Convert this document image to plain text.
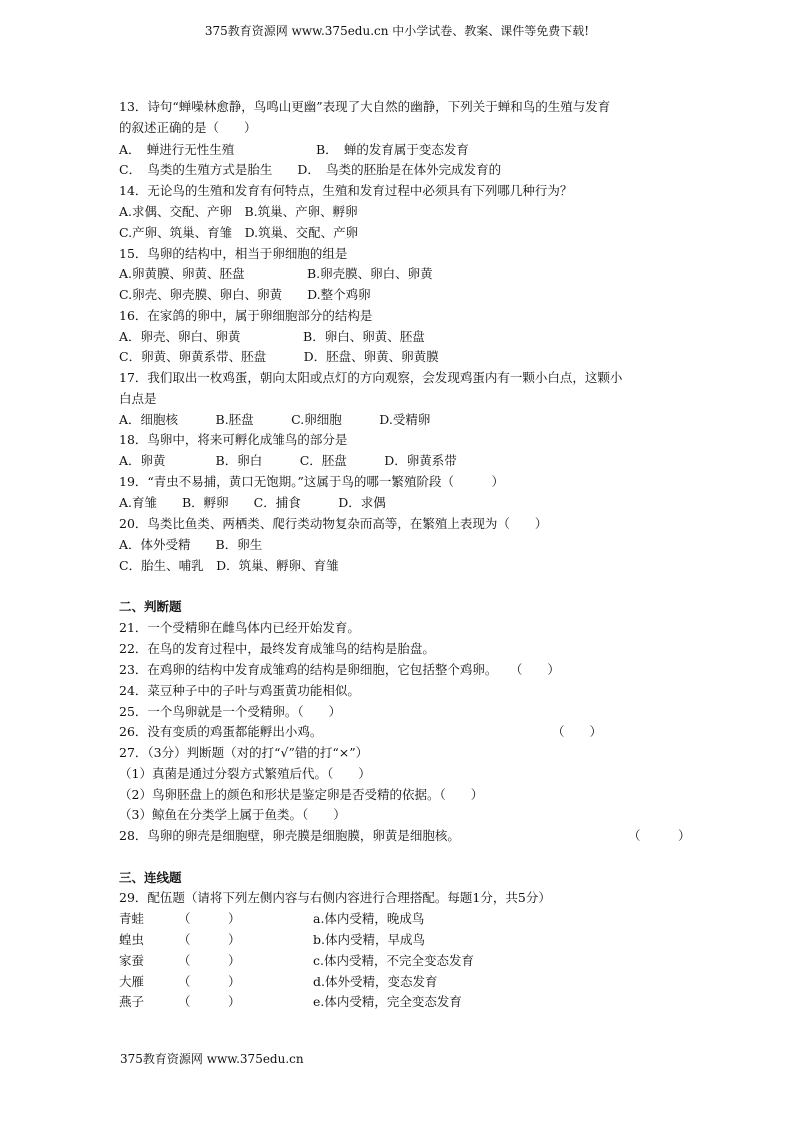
375教育资源网 www.375edu.cn 中小学试卷、教案、课件等免费下载!
13．诗句“蝉噪林愈静，鸟鸣山更幽”表现了大自然的幽静，下列关于蝉和鸟的生殖与发育
的叙述正确的是（　　）
A．　蝉进行无性生殖	B．　蝉的发育属于变态发育
C．　鸟类的生殖方式是胎生　　D．　鸟类的胚胎是在体外完成发育的
14．无论鸟的生殖和发育有何特点，生殖和发育过程中必须具有下列哪几种行为？
A.求偶、交配、产卵　B.筑巢、产卵、孵卵
C.产卵、筑巢、育雏　D.筑巢、交配、产卵
15．鸟卵的结构中，相当于卵细胞的组是
A.卵黄膜、卵黄、胚盘　　　　　B.卵壳膜、卵白、卵黄
C.卵壳、卵壳膜、卵白、卵黄　　D.整个鸡卵
16．在家鸽的卵中，属于卵细胞部分的结构是
A．卵壳、卵白、卵黄　　　　　B．卵白、卵黄、胚盘
C．卵黄、卵黄系带、胚盘　　　D．胚盘、卵黄、卵黄膜
17．我们取出一枚鸡蛋，朝向太阳或点灯的方向观察，会发现鸡蛋内有一颗小白点，这颗小
白点是
A．细胞核　　　B.胚盘　　　C.卵细胞　　　D.受精卵
18．鸟卵中，将来可孵化成雏鸟的部分是
A．卵黄　　　　B．卵白　　　C．胚盘　　　D．卵黄系带
19．“青虫不易捕，黄口无饱期。”这属于鸟的哪一繁殖阶段（　　　）
A.育雏　　B．孵卵　　C．捕食　　　D．求偶
20．鸟类比鱼类、两栖类、爬行类动物复杂而高等，在繁殖上表现为（　　）
A．体外受精　　B．卵生
C．胎生、哺乳　D．筑巢、孵卵、育雏
二、判断题
21．一个受精卵在雌鸟体内已经开始发育。
22．在鸟的发育过程中，最终发育成雏鸟的结构是胎盘。
23．在鸡卵的结构中发育成雏鸡的结构是卵细胞，它包括整个鸡卵。　　（　　）
24．菜豆种子中的子叶与鸡蛋黄功能相似。
25．一个鸟卵就是一个受精卵。（　　）
26．没有变质的鸡蛋都能孵出小鸡。	（　　）
27．（3分）判断题（对的打“√”错的打“×”）
（1）真菌是通过分裂方式繁殖后代。（　　）
（2）鸟卵胚盘上的颜色和形状是鉴定卵是否受精的依据。（　　）
（3）鲸鱼在分类学上属于鱼类。（　　）
28．鸟卵的卵壳是细胞壁，卵壳膜是细胞膜，卵黄是细胞核。	（　　　）
三、连线题
29．配伍题（请将下列左侧内容与右侧内容进行合理搭配。每题1分，共5分）
青蛙	（　　　）	a.体内受精，晚成鸟
蝗虫	（　　　）	b.体内受精，早成鸟
家蚕	（　　　）	c.体内受精，不完全变态发育
大雁	（　　　）	d.体外受精，变态发育
燕子	（　　　）	e.体内受精，完全变态发育
375教育资源网 www.375edu.cn
